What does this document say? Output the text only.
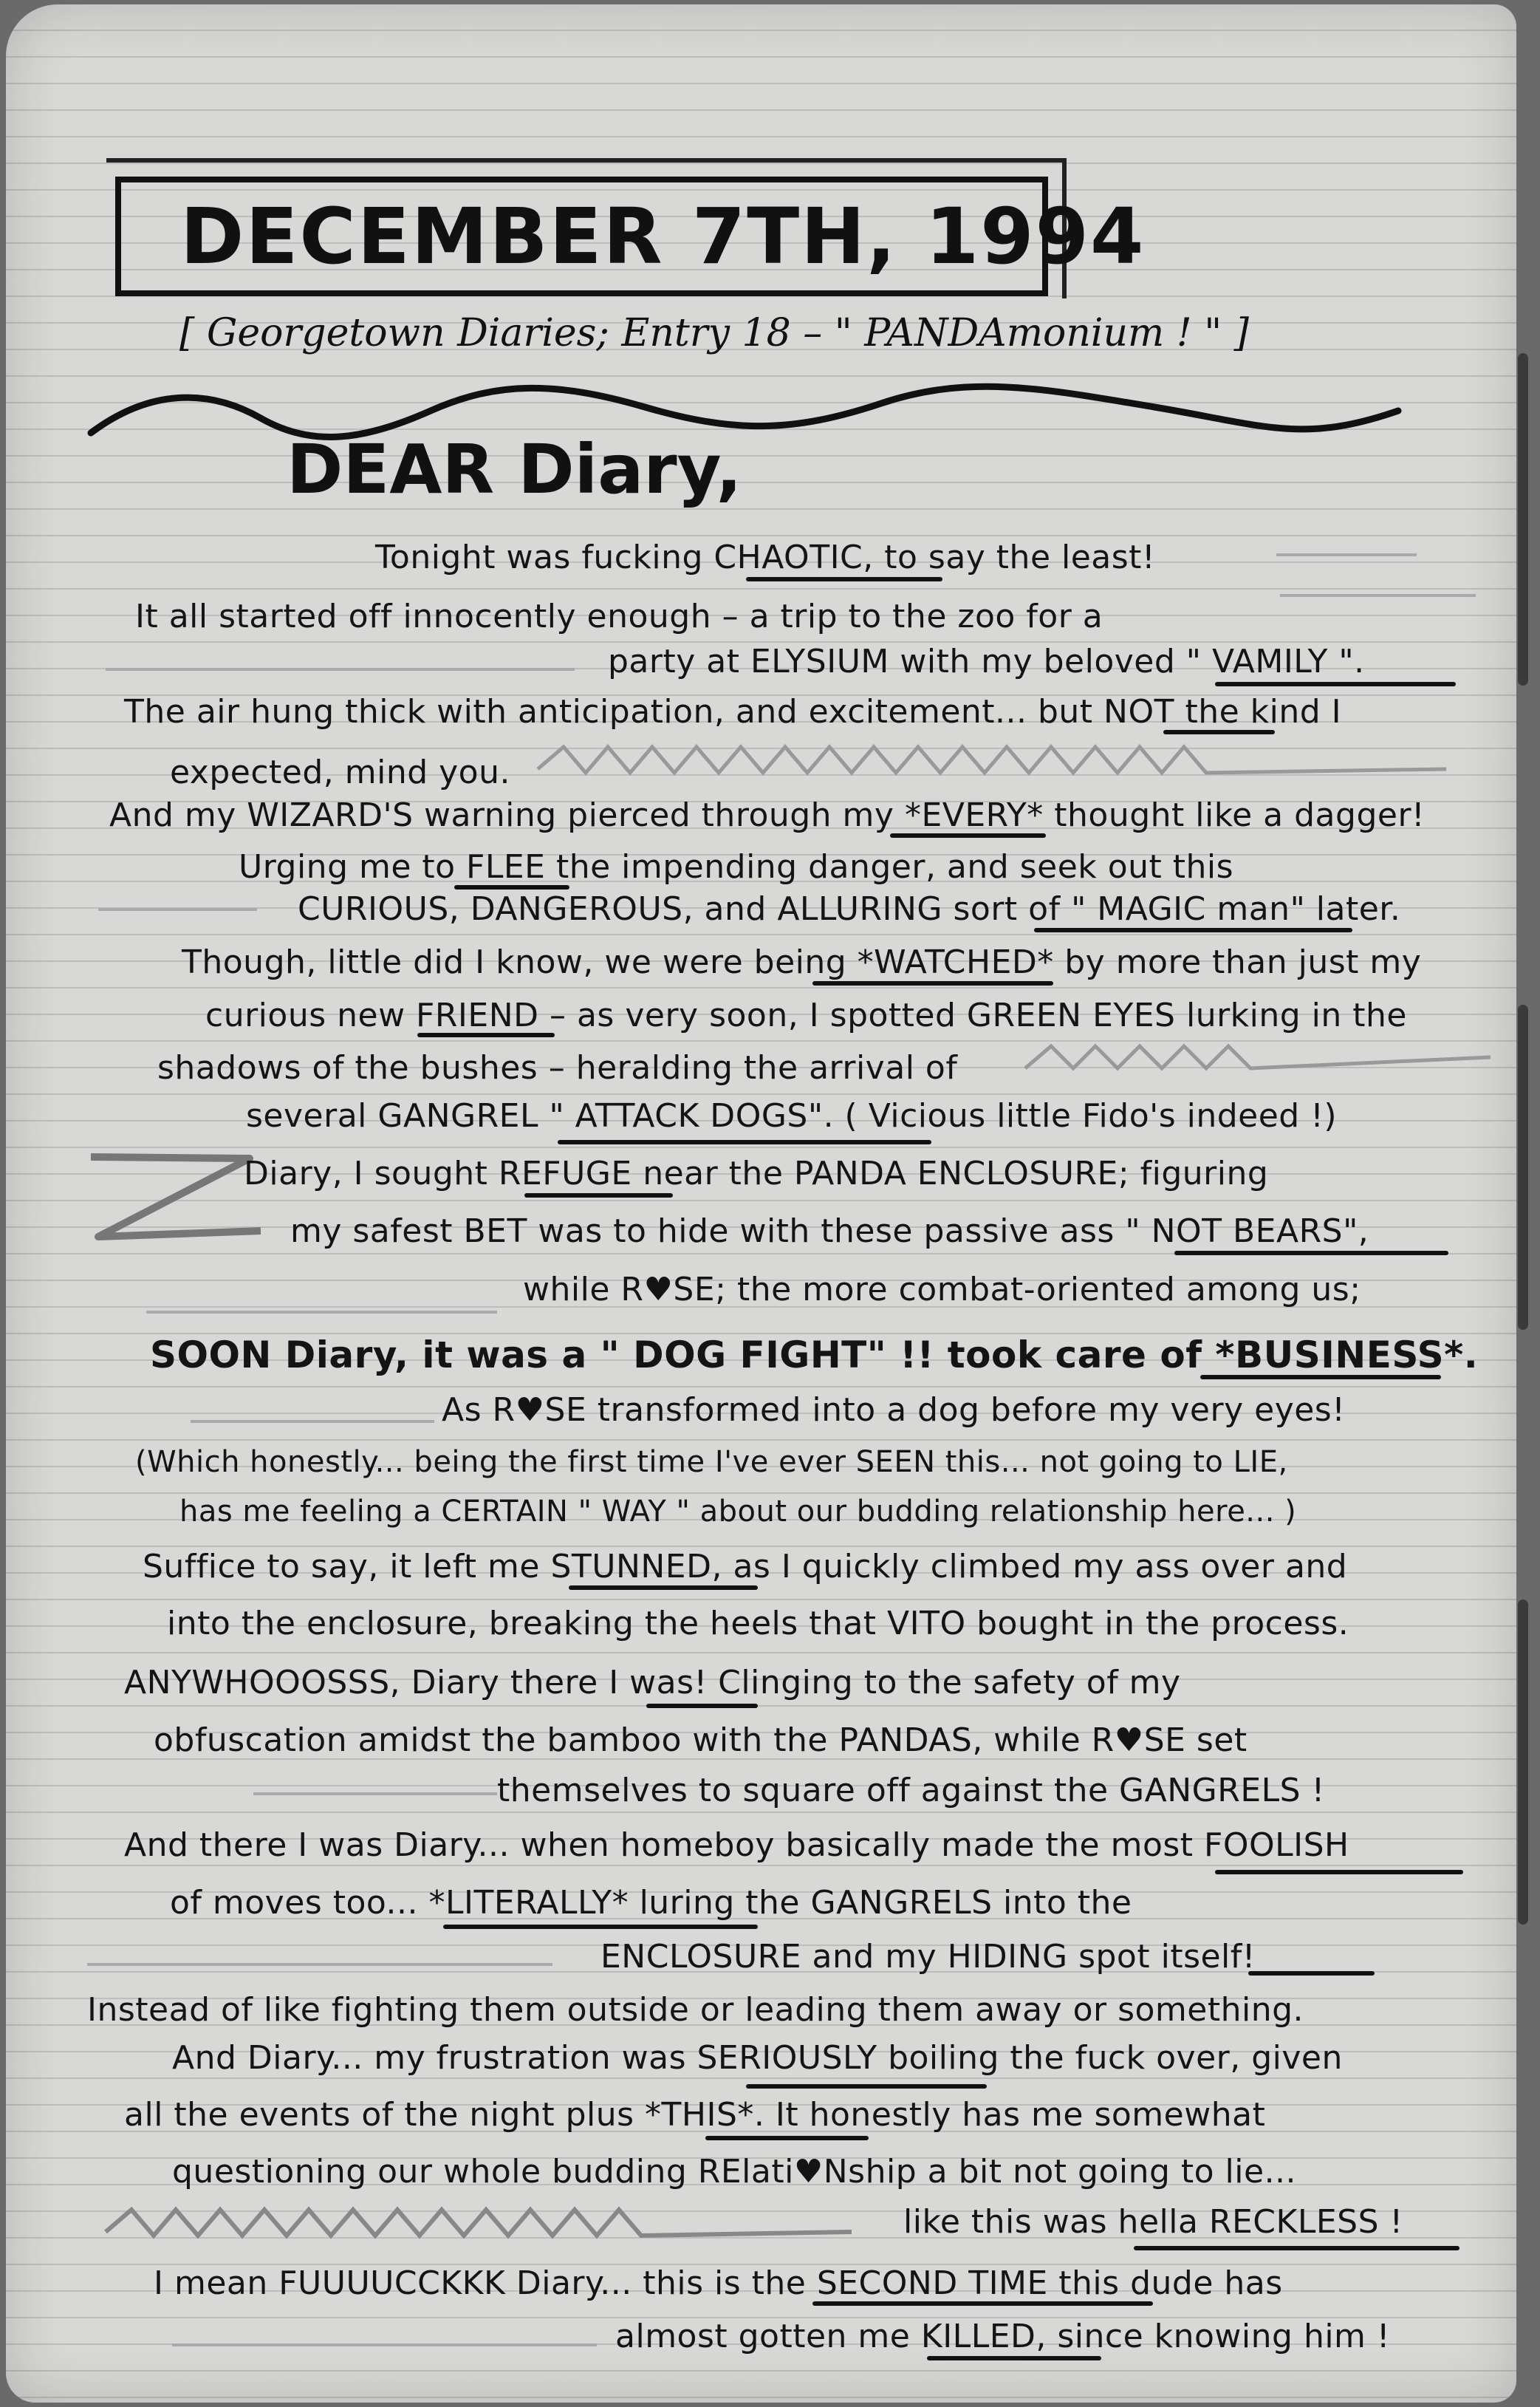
DECEMBER 7TH, 1994
[ Georgetown Diaries; Entry 18 – " PANDAmonium ! " ]
DEAR Diary,
Tonight was fucking CHAOTIC, to say the least!
It all started off innocently enough – a trip to the zoo for a
party at ELYSIUM with my beloved " VAMILY ".
The air hung thick with anticipation, and excitement... but NOT the kind I
expected, mind you.
And my WIZARD'S warning pierced through my *EVERY* thought like a dagger!
Urging me to FLEE the impending danger, and seek out this
CURIOUS, DANGEROUS, and ALLURING sort of " MAGIC man" later.
Though, little did I know, we were being *WATCHED* by more than just my
curious new FRIEND – as very soon, I spotted GREEN EYES lurking in the
shadows of the bushes – heralding the arrival of
several GANGREL " ATTACK DOGS". ( Vicious little Fido's indeed !)
Diary, I sought REFUGE near the PANDA ENCLOSURE; figuring
my safest BET was to hide with these passive ass " NOT BEARS",
while R♥SE; the more combat-oriented among us;
SOON Diary, it was a " DOG FIGHT" !! took care of *BUSINESS*.
As R♥SE transformed into a dog before my very eyes!
(Which honestly... being the first time I've ever SEEN this... not going to LIE,
has me feeling a CERTAIN " WAY " about our budding relationship here... )
Suffice to say, it left me STUNNED, as I quickly climbed my ass over and
into the enclosure, breaking the heels that VITO bought in the process.
ANYWHOOOSSS, Diary there I was! Clinging to the safety of my
obfuscation amidst the bamboo with the PANDAS, while R♥SE set
themselves to square off against the GANGRELS !
And there I was Diary... when homeboy basically made the most FOOLISH
of moves too... *LITERALLY* luring the GANGRELS into the
ENCLOSURE and my HIDING spot itself!
Instead of like fighting them outside or leading them away or something.
And Diary... my frustration was SERIOUSLY boiling the fuck over, given
all the events of the night plus *THIS*. It honestly has me somewhat
questioning our whole budding RElati♥Nship a bit not going to lie...
like this was hella RECKLESS !
I mean FUUUUCCKKK Diary... this is the SECOND TIME this dude has
almost gotten me KILLED, since knowing him !
